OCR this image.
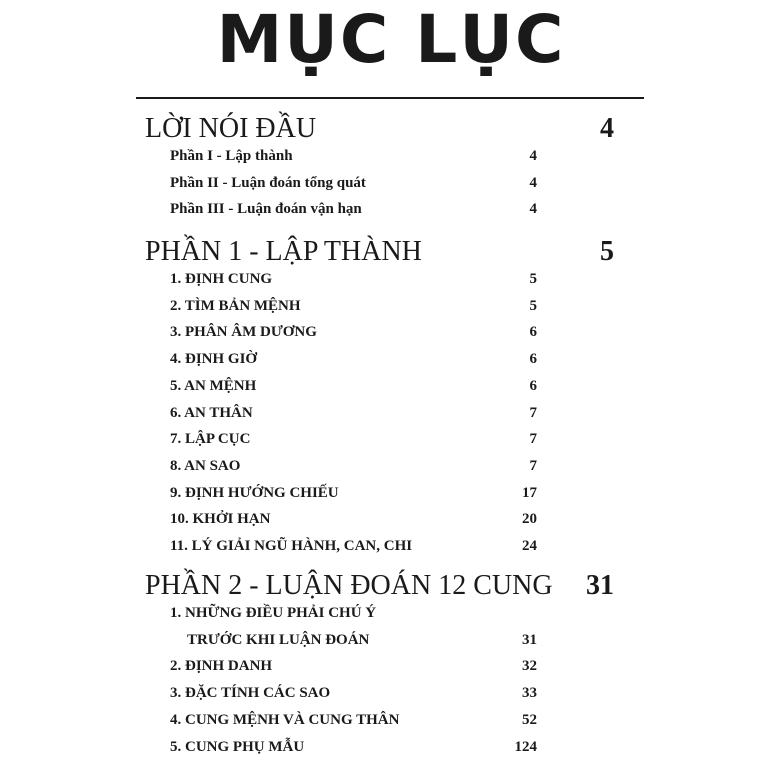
MỤC LỤC
LỜI NÓI ĐẦU	4
Phần I - Lập thành	4
Phần II - Luận đoán tổng quát	4
Phần III - Luận đoán vận hạn	4
PHẦN 1 - LẬP THÀNH	5
1. ĐỊNH CUNG	5
2. TÌM BẢN MỆNH	5
3. PHÂN ÂM DƯƠNG	6
4. ĐỊNH GIỜ	6
5. AN MỆNH	6
6. AN THÂN	7
7. LẬP CỤC	7
8. AN SAO	7
9. ĐỊNH HƯỚNG CHIẾU	17
10. KHỞI HẠN	20
11. LÝ GIẢI NGŨ HÀNH, CAN, CHI	24
PHẦN 2 - LUẬN ĐOÁN 12 CUNG	31
1. NHỮNG ĐIỀU PHẢI CHÚ Ý
TRƯỚC KHI LUẬN ĐOÁN	31
2. ĐỊNH DANH	32
3. ĐẶC TÍNH CÁC SAO	33
4. CUNG MỆNH VÀ CUNG THÂN	52
5. CUNG PHỤ MẪU	124
